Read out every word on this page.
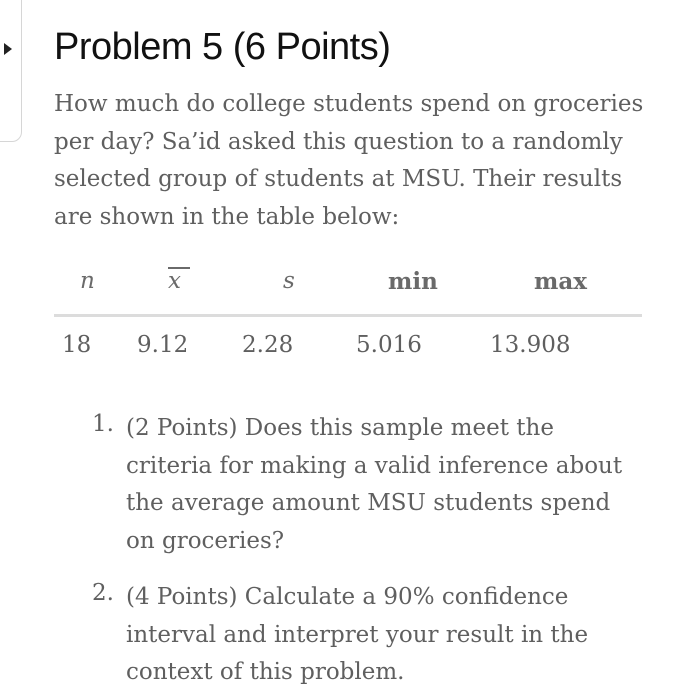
Problem 5 (6 Points)

How much do college students spend on groceries
per day? Sa’id asked this question to a randomly
selected group of students at MSU. Their results
are shown in the table below:

n	x	s	min	max
18 9.12 2.28	5.016	13.908
1. (2 Points) Does this sample meet the
criteria for making a valid inference about
the average amount MSU students spend
on groceries?

2. (4 Points) Calculate a 90% confidence
interval and interpret your result in the
context of this problem.
